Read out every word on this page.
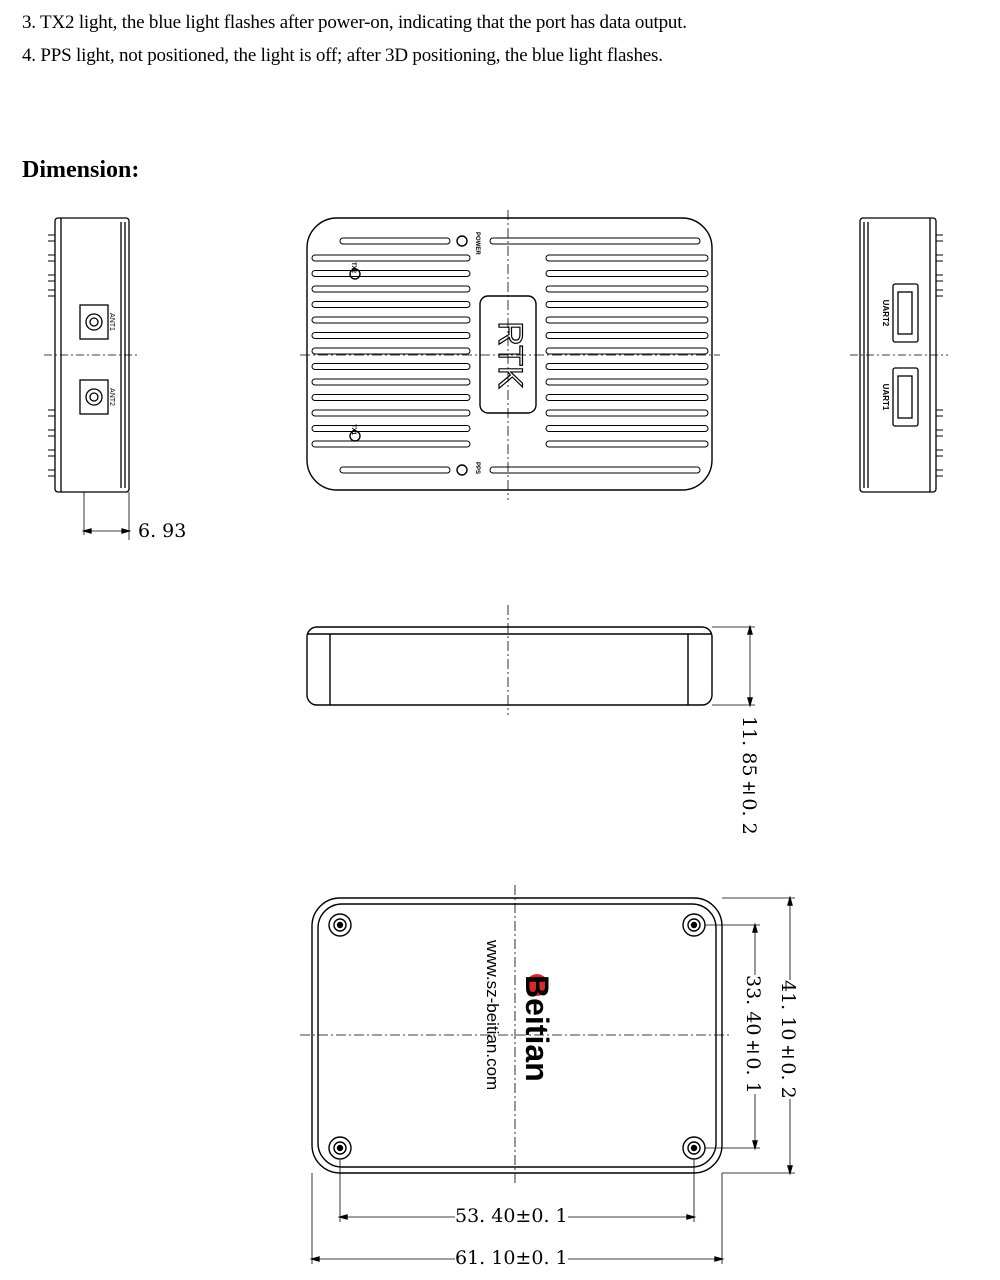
3. TX2 light, the blue light flashes after power-on, indicating that the port has data output.
4. PPS light, not positioned, the light is off; after 3D positioning, the blue light flashes.
Dimension:
ANT1
ANT2
6. 93
RTK
TX2
TX1
POWER
PPS
UART2
UART1
11. 85±0. 2
Beitian
www.sz-beitian.com	41. 10±0. 2
33. 40±0. 1
53. 40±0. 1
61. 10±0. 1
